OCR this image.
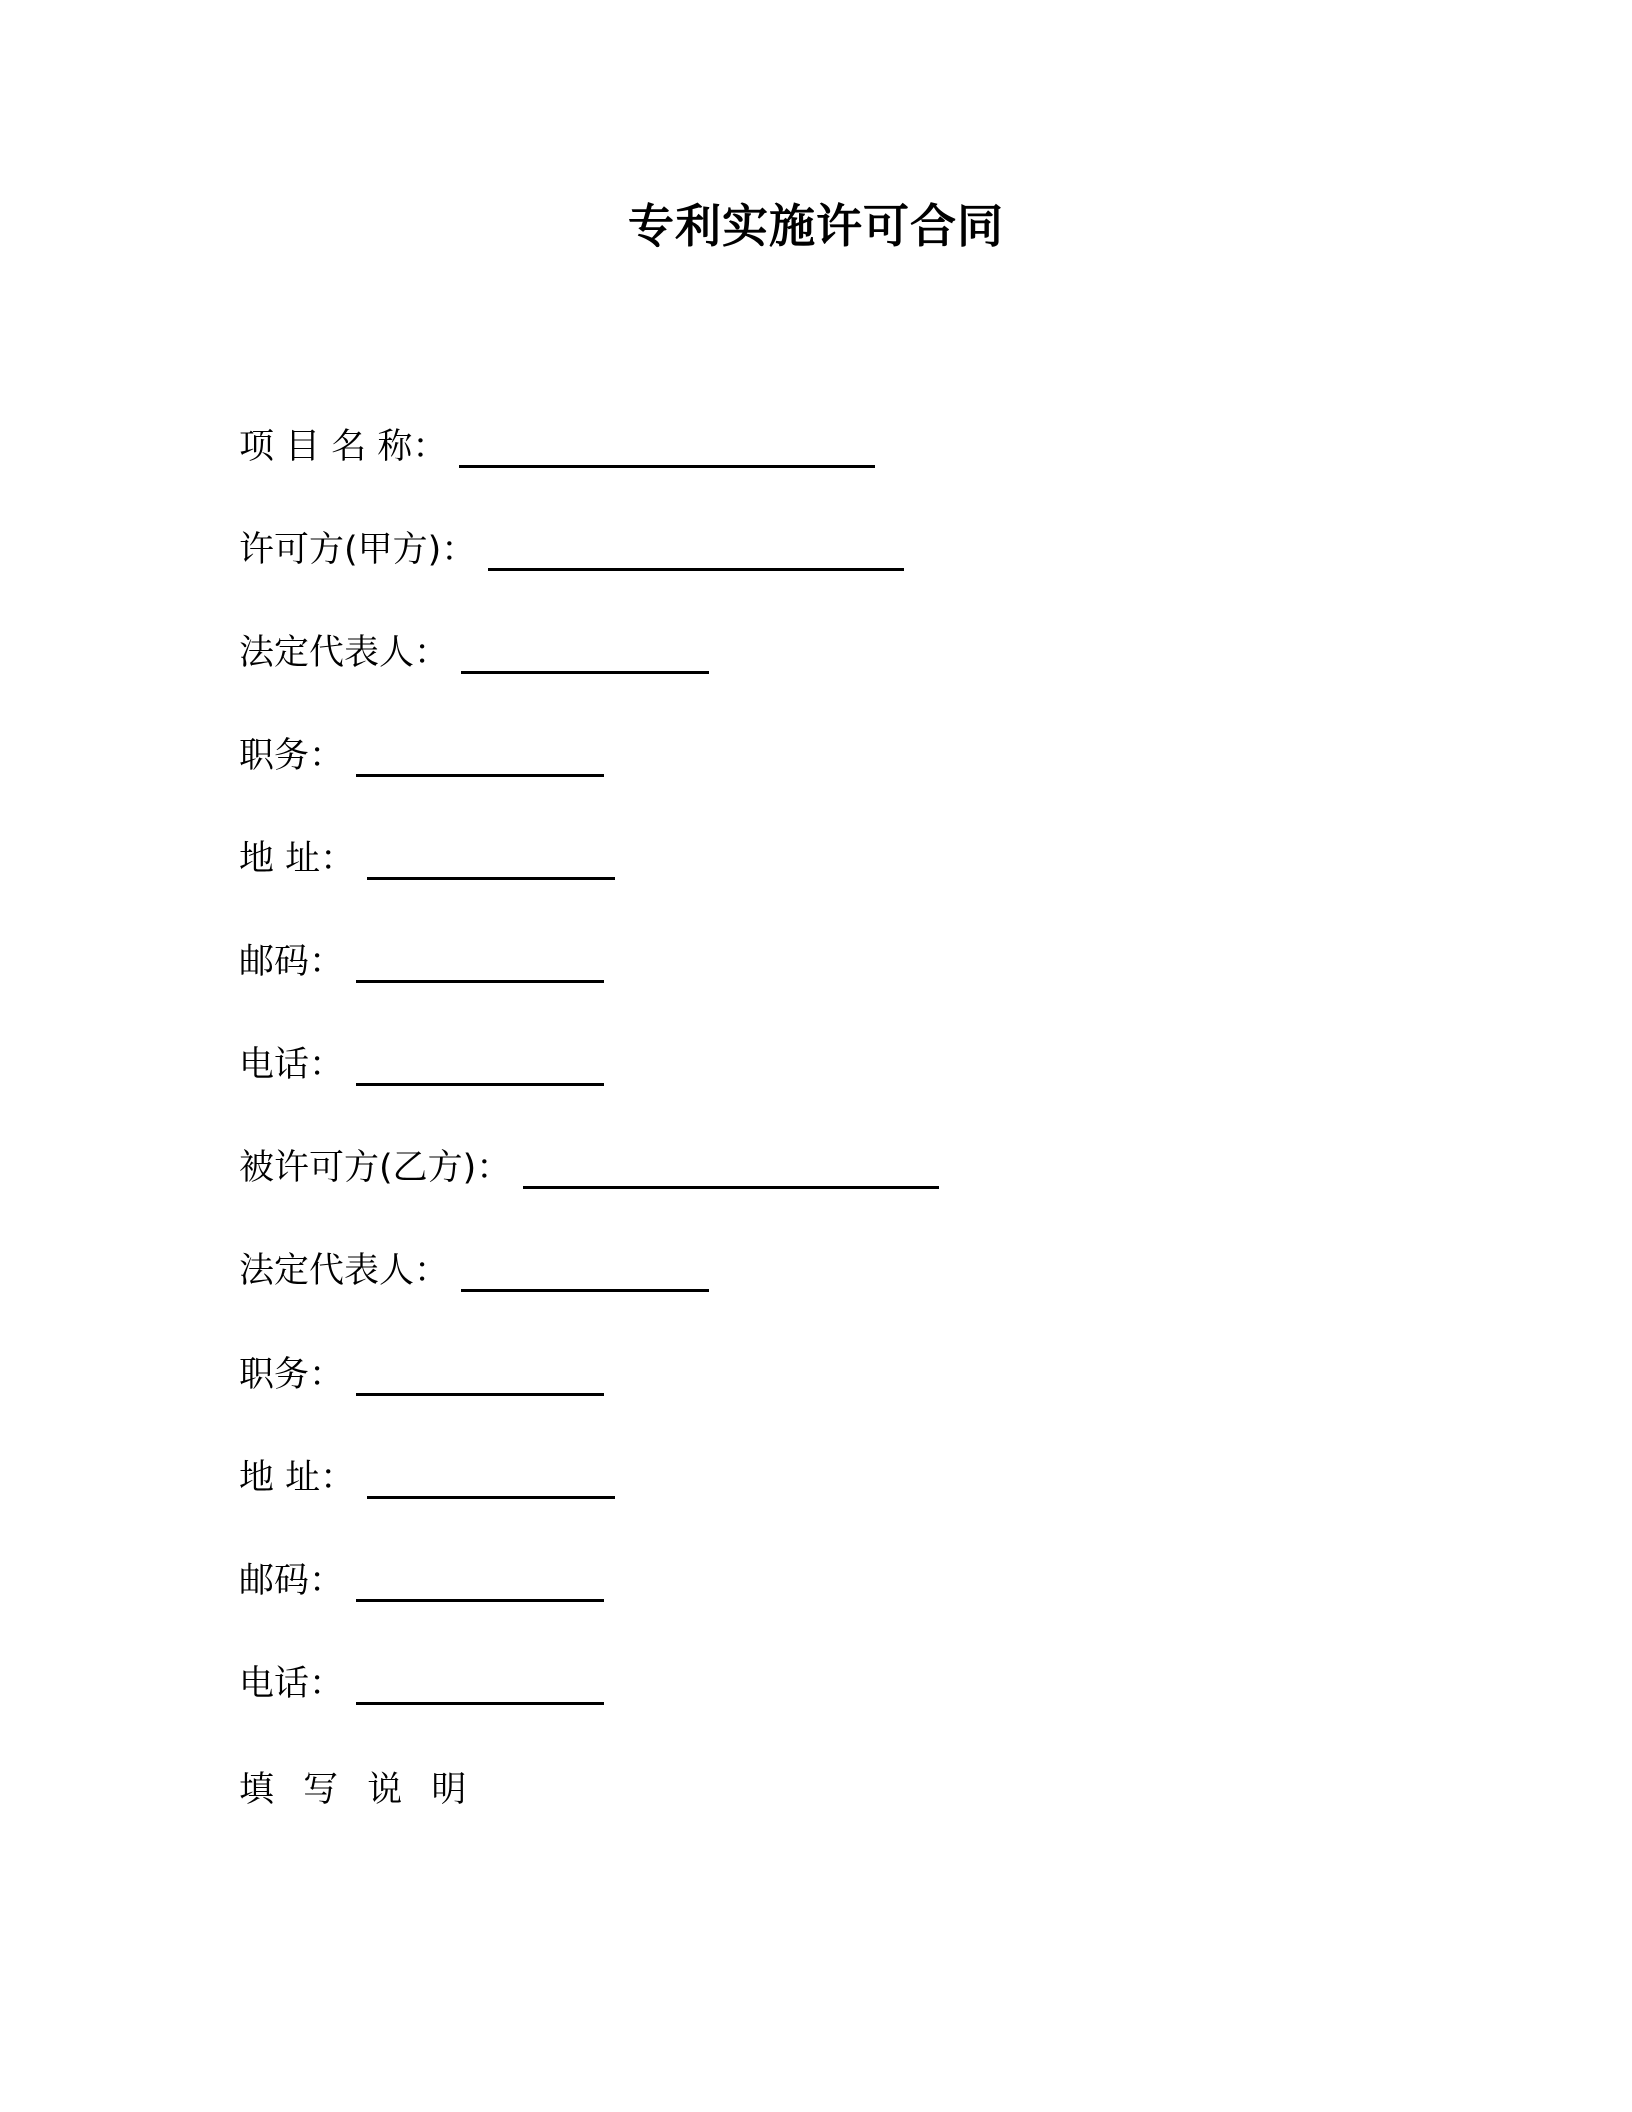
专利实施许可合同
项 目 名 称：
许可方(甲方)：
法定代表人：
职务：
地 址：
邮码：
电话：
被许可方(乙方)：
法定代表人：
职务：
地 址：
邮码：
电话：
填 写 说 明
